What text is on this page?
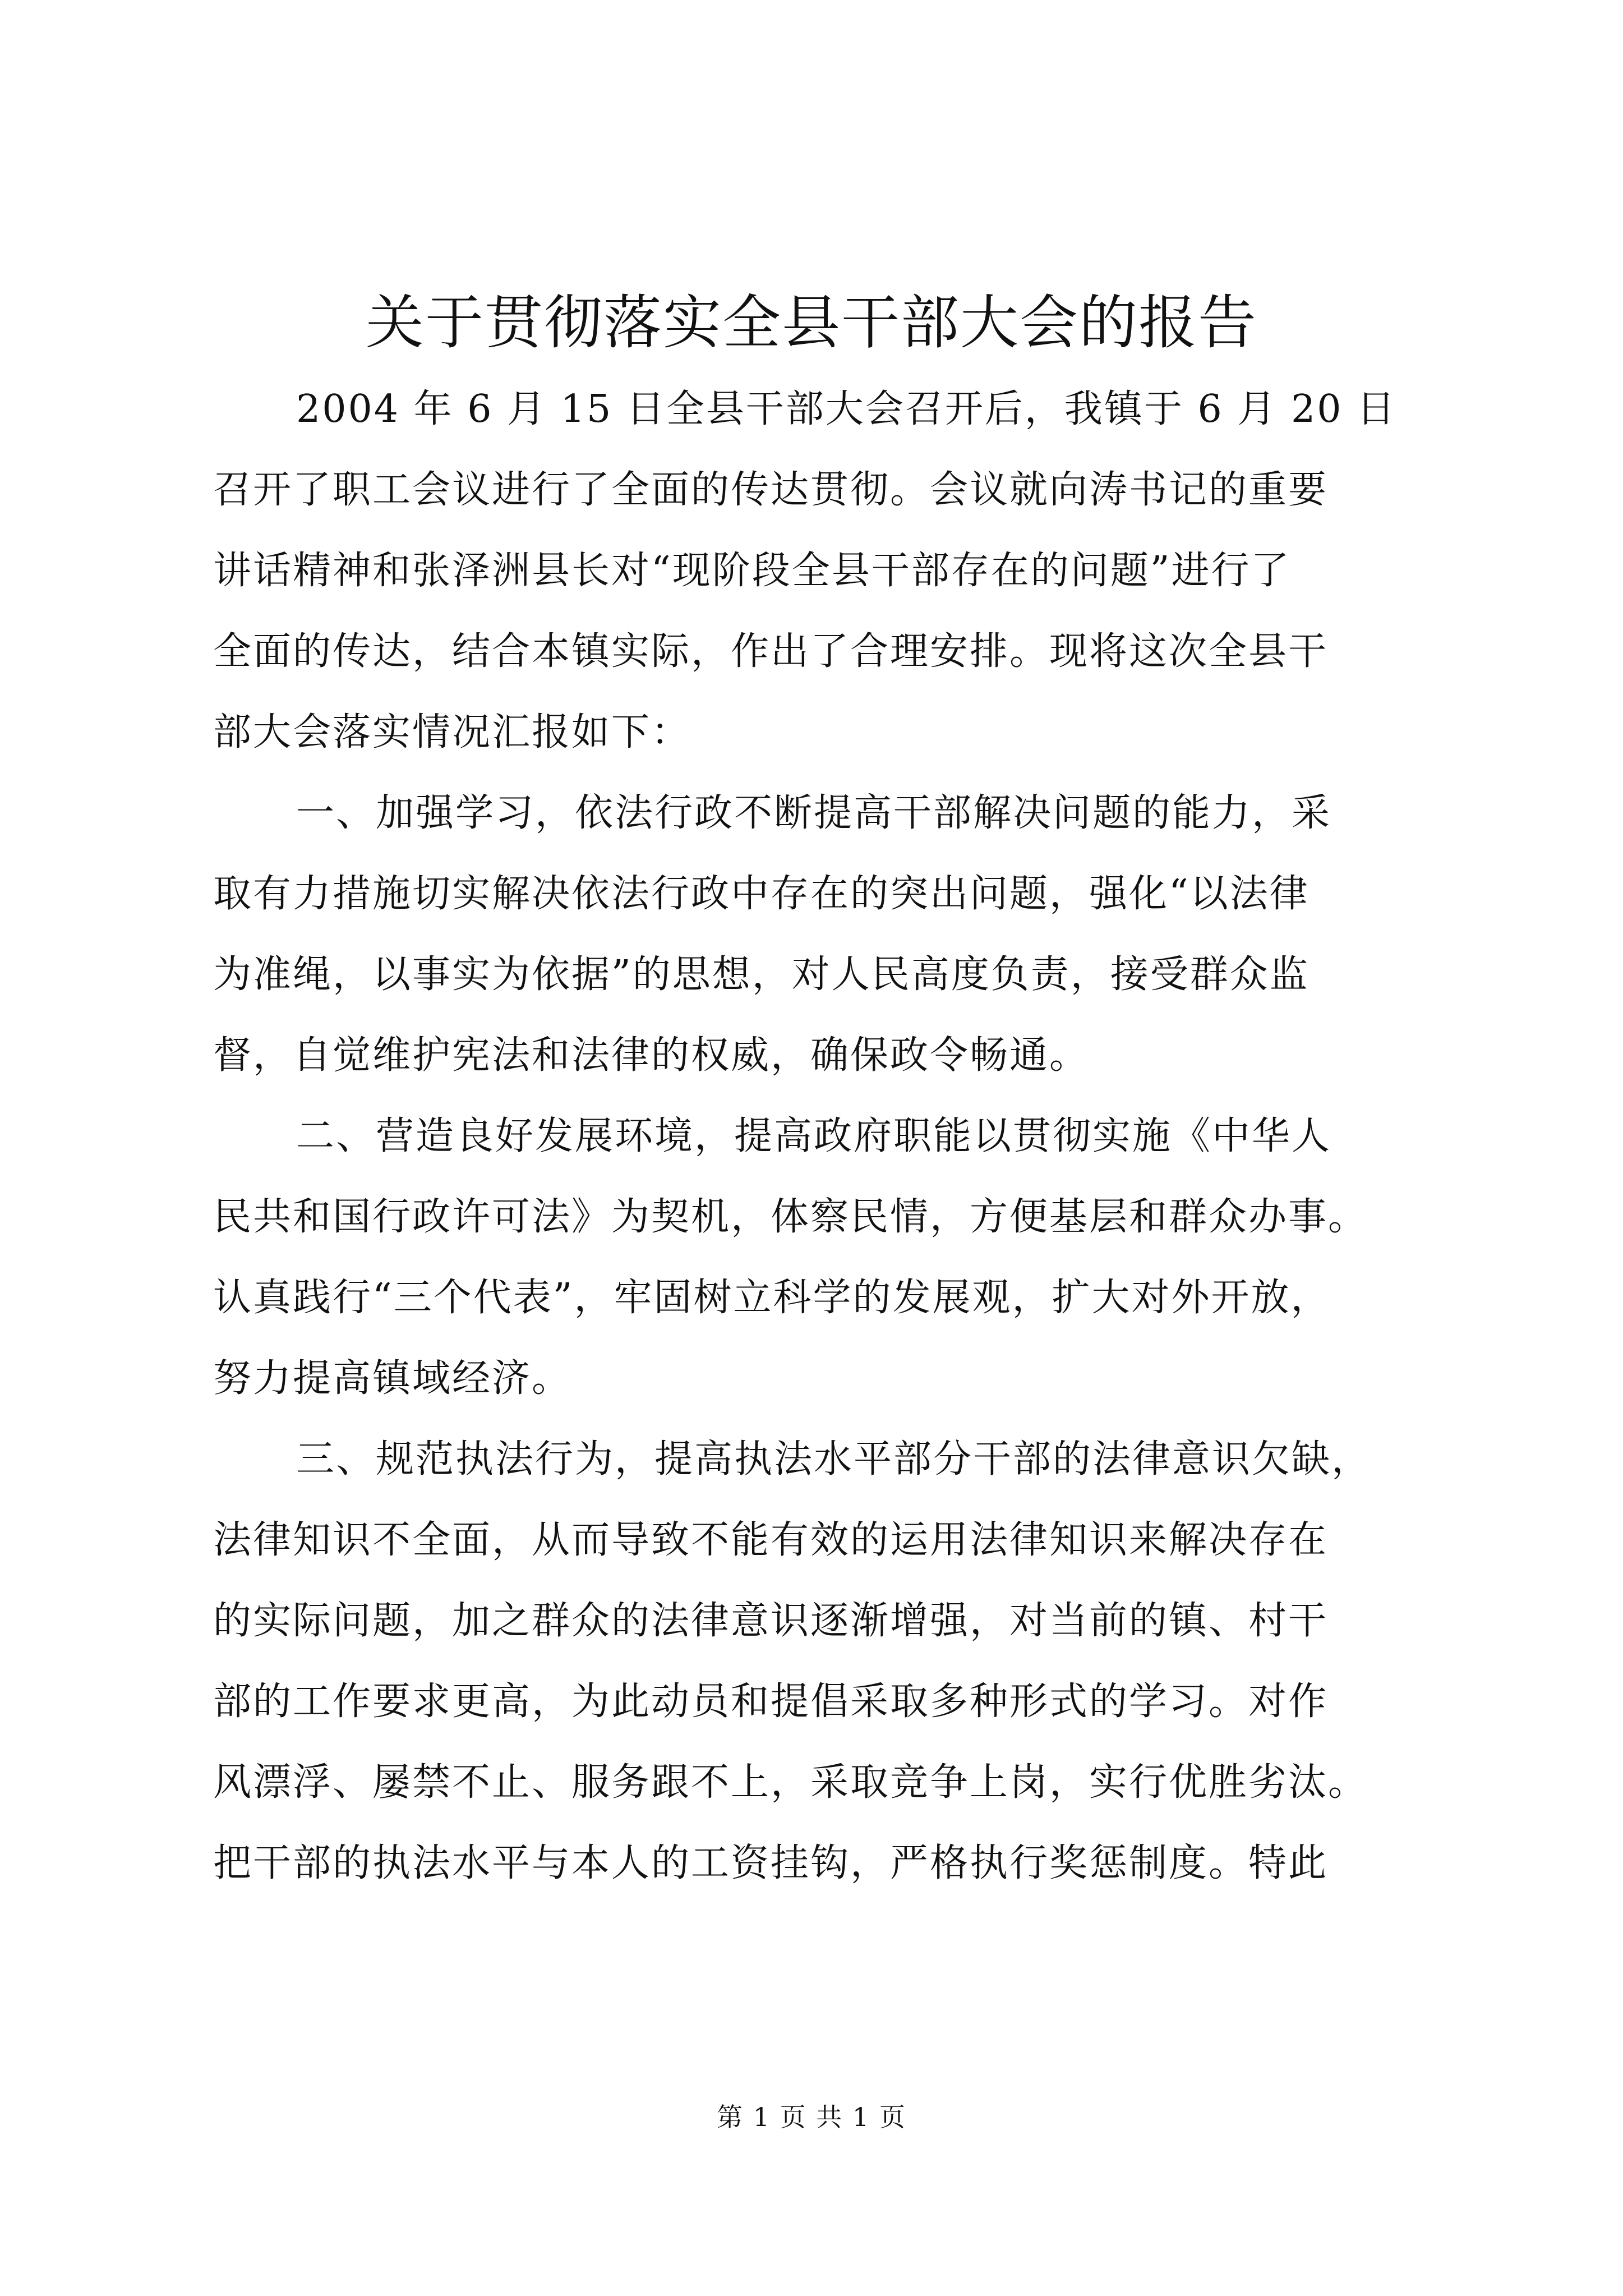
关于贯彻落实全县干部大会的报告

2004 年 6 月 15 日全县干部大会召开后，我镇于 6 月 20 日
召开了职工会议进行了全面的传达贯彻。会议就向涛书记的重要
讲话精神和张泽洲县长对“现阶段全县干部存在的问题”进行了
全面的传达，结合本镇实际，作出了合理安排。现将这次全县干
部大会落实情况汇报如下：

一、加强学习，依法行政不断提高干部解决问题的能力，采
取有力措施切实解决依法行政中存在的突出问题，强化“以法律
为准绳，以事实为依据”的思想，对人民高度负责，接受群众监
督，自觉维护宪法和法律的权威，确保政令畅通。

二、营造良好发展环境，提高政府职能以贯彻实施《中华人
民共和国行政许可法》为契机，体察民情，方便基层和群众办事。
认真践行“三个代表”，牢固树立科学的发展观，扩大对外开放，
努力提高镇域经济。

三、规范执法行为，提高执法水平部分干部的法律意识欠缺，
法律知识不全面，从而导致不能有效的运用法律知识来解决存在
的实际问题，加之群众的法律意识逐渐增强，对当前的镇、村干
部的工作要求更高，为此动员和提倡采取多种形式的学习。对作
风漂浮、屡禁不止、服务跟不上，采取竞争上岗，实行优胜劣汰。
把干部的执法水平与本人的工资挂钩，严格执行奖惩制度。特此

第 1 页 共 1 页
